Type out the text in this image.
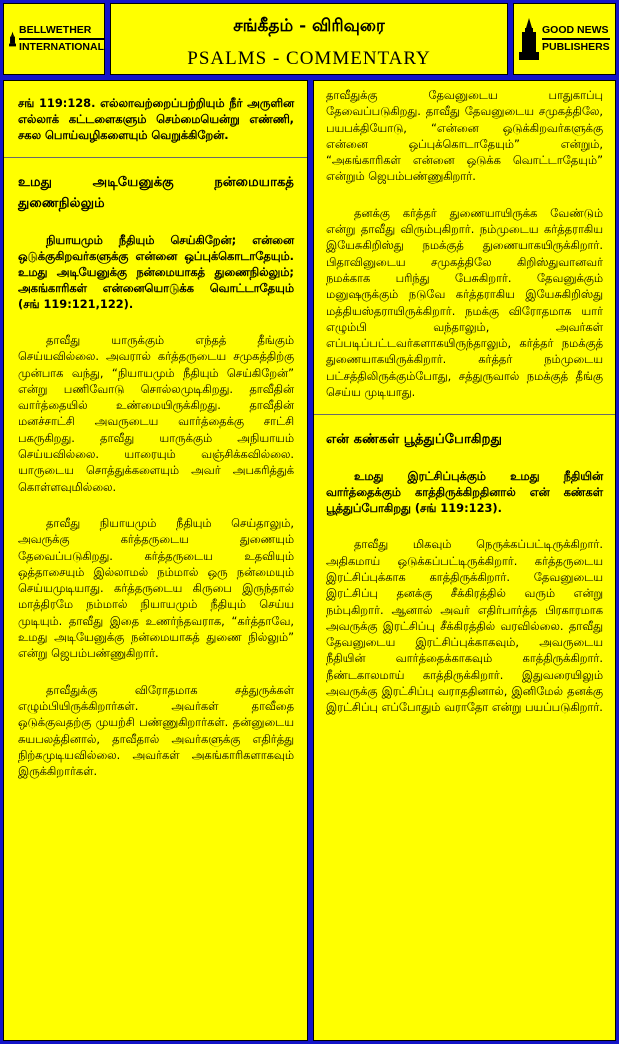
BELLWETHER
INTERNATIONAL
சங்கீதம் - விரிவுரை
PSALMS - COMMENTARY
GOOD NEWS
PUBLISHERS

சங் 119:128. எல்லாவற்றைப்பற்றியும் நீர் அருளின எல்லாக் கட்டளைகளும் செம்மையென்று எண்ணி, சகல பொய்வழிகளையும் வெறுக்கிறேன்.

உமது அடியேனுக்கு நன்மையாகத் துணைநில்லும்

நியாயமும் நீதியும் செய்கிறேன்; என்னை ஒடுக்குகிறவர்களுக்கு என்னை ஒப்புக்கொடாதேயும். உமது அடியேனுக்கு நன்மையாகத் துணைநில்லும்; அகங்காரிகள் என்னையொடுக்க வொட்டாதேயும் (சங் 119:121,122).

தாவீது யாருக்கும் எந்தத் தீங்கும் செய்யவில்லை. அவரால் கர்த்தருடைய சமுகத்திற்கு முன்பாக வந்து, “நியாயமும் நீதியும் செய்கிறேன்” என்று பணிவோடு சொல்லமுடிகிறது. தாவீதின் வார்த்தையில் உண்மையிருக்கிறது. தாவீதின் மனச்சாட்சி அவருடைய வார்த்தைக்கு சாட்சி பகருகிறது. தாவீது யாருக்கும் அநியாயம் செய்யவில்லை. யாரையும் வஞ்சிக்கவில்லை. யாருடைய சொத்துக்களையும் அவர் அபகரித்துக் கொள்ளவுமில்லை.

தாவீது நியாயமும் நீதியும் செய்தாலும், அவருக்கு கர்த்தருடைய துணையும் தேவைப்படுகிறது. கர்த்தருடைய உதவியும் ஒத்தாசையும் இல்லாமல் நம்மால் ஒரு நன்மையும் செய்யமுடியாது. கர்த்தருடைய கிருபை இருந்தால் மாத்திரமே நம்மால் நியாயமும் நீதியும் செய்ய முடியும். தாவீது இதை உணர்ந்தவராக, “கர்த்தாவே, உமது அடியேனுக்கு நன்மையாகத் துணை நில்லும்” என்று ஜெபம்பண்ணுகிறார்.

தாவீதுக்கு விரோதமாக சத்துருக்கள் எழும்பியிருக்கிறார்கள். அவர்கள் தாவீதை ஒடுக்குவதற்கு முயற்சி பண்ணுகிறார்கள். தன்னுடைய சுயபலத்தினால், தாவீதால் அவர்களுக்கு எதிர்த்து நிற்கமுடியவில்லை. அவர்கள் அகங்காரிகளாகவும் இருக்கிறார்கள்.

தாவீதுக்கு தேவனுடைய பாதுகாப்பு தேவைப்படுகிறது. தாவீது தேவனுடைய சமுகத்திலே, பயபக்தியோடு, “என்னை ஒடுக்கிறவர்களுக்கு என்னை ஒப்புக்கொடாதேயும்” என்றும், “அகங்காரிகள் என்னை ஒடுக்க வொட்டாதேயும்” என்றும் ஜெபம்பண்ணுகிறார்.

தனக்கு கர்த்தர் துணையாயிருக்க வேண்டும் என்று தாவீது விரும்புகிறார். நம்முடைய கர்த்தராகிய இயேசுகிறிஸ்து நமக்குத் துணையாகயிருக்கிறார். பிதாவினுடைய சமுகத்திலே கிறிஸ்துவானவர் நமக்காக பரிந்து பேசுகிறார். தேவனுக்கும் மனுஷருக்கும் நடுவே கர்த்தராகிய இயேசுகிறிஸ்து மத்தியஸ்தராயிருக்கிறார். நமக்கு விரோதமாக யார் எழும்பி வந்தாலும், அவர்கள் எப்படிப்பட்டவர்களாகயிருந்தாலும், கர்த்தர் நமக்குத் துணையாகயிருக்கிறார். கர்த்தர் நம்முடைய பட்சத்திலிருக்கும்போது, சத்துருவால் நமக்குத் தீங்கு செய்ய முடியாது.

என் கண்கள் பூத்துப்போகிறது

உமது இரட்சிப்புக்கும் உமது நீதியின் வார்த்தைக்கும் காத்திருக்கிறதினால் என் கண்கள் பூத்துப்போகிறது (சங் 119:123).

தாவீது மிகவும் நெருக்கப்பட்டிருக்கிறார். அதிகமாய் ஒடுக்கப்பட்டிருக்கிறார். கர்த்தருடைய இரட்சிப்புக்காக காத்திருக்கிறார். தேவனுடைய இரட்சிப்பு தனக்கு சீக்கிரத்தில் வரும் என்று நம்புகிறார். ஆனால் அவர் எதிர்பார்த்த பிரகாரமாக அவருக்கு இரட்சிப்பு சீக்கிரத்தில் வரவில்லை. தாவீது தேவனுடைய இரட்சிப்புக்காகவும், அவருடைய நீதியின் வார்த்தைக்காகவும் காத்திருக்கிறார். நீண்டகாலமாய் காத்திருக்கிறார். இதுவரையிலும் அவருக்கு இரட்சிப்பு வராததினால், இனிமேல் தனக்கு இரட்சிப்பு எப்போதும் வராதோ என்று பயப்படுகிறார்.
